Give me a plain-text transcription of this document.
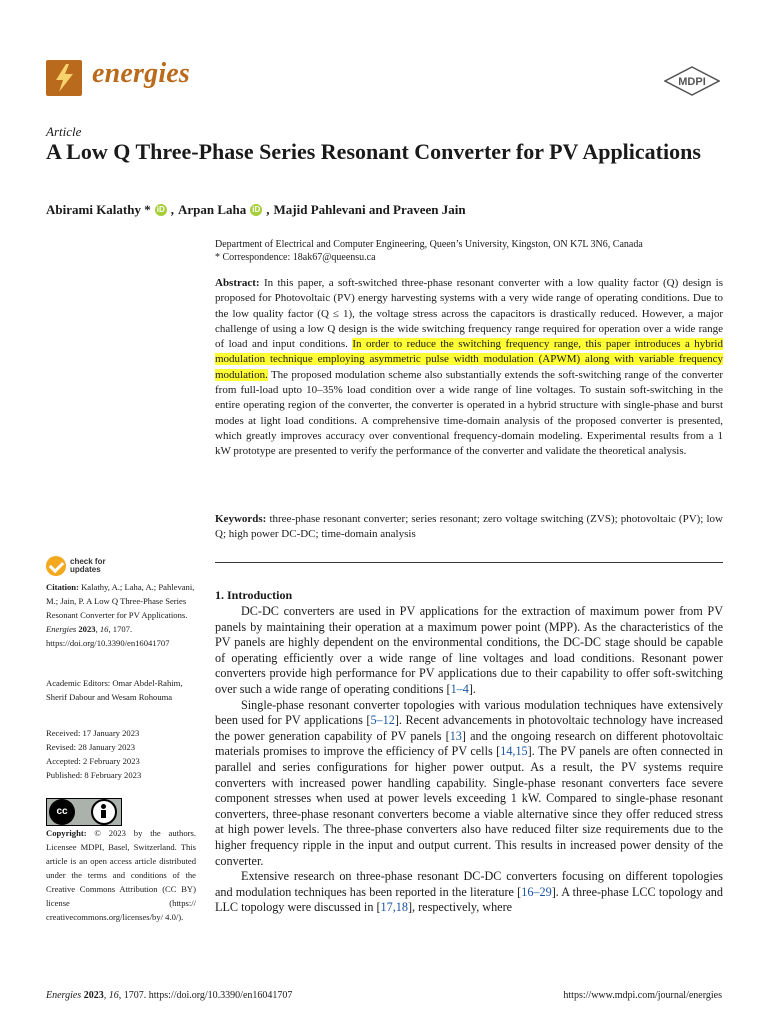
energies	MDPI
Article
A Low Q Three-Phase Series Resonant Converter for PV Applications
Abirami Kalathy * iD , Arpan Laha iD , Majid Pahlevani and Praveen Jain
Department of Electrical and Computer Engineering, Queen’s University, Kingston, ON K7L 3N6, Canada
* Correspondence: 18ak67@queensu.ca
Abstract: In this paper, a soft-switched three-phase resonant converter with a low quality factor (Q) design is proposed for Photovoltaic (PV) energy harvesting systems with a very wide range of operating conditions. Due to the low quality factor (Q ≤ 1), the voltage stress across the capacitors is drastically reduced. However, a major challenge of using a low Q design is the wide switching frequency range required for operation over a wide range of load and input conditions. In order to reduce the switching frequency range, this paper introduces a hybrid modulation technique employing asymmetric pulse width modulation (APWM) along with variable frequency modulation. The proposed modulation scheme also substantially extends the soft-switching range of the converter from full-load upto 10–35% load condition over a wide range of line voltages. To sustain soft-switching in the entire operating region of the converter, the converter is operated in a hybrid structure with single-phase and burst modes at light load conditions. A comprehensive time-domain analysis of the proposed converter is presented, which greatly improves accuracy over conventional frequency-domain modeling. Experimental results from a 1 kW prototype are presented to verify the performance of the converter and validate the theoretical analysis.
Keywords: three-phase resonant converter; series resonant; zero voltage switching (ZVS); photovoltaic (PV); low Q; high power DC-DC; time-domain analysis
1. Introduction

DC-DC converters are used in PV applications for the extraction of maximum power from PV panels by maintaining their operation at a maximum power point (MPP). As the characteristics of the PV panels are highly dependent on the environmental conditions, the DC-DC stage should be capable of operating efficiently over a wide range of line voltages and load conditions. Resonant power converters provide high performance for PV applications due to their capability to offer soft-switching over such a wide range of operating conditions [1–4].

Single-phase resonant converter topologies with various modulation techniques have extensively been used for PV applications [5–12]. Recent advancements in photovoltaic technology have increased the power generation capability of PV panels [13] and the ongoing research on different photovoltaic materials promises to improve the efficiency of PV cells [14,15]. The PV panels are often connected in parallel and series configurations for higher power output. As a result, the PV systems require converters with increased power handling capability. Single-phase resonant converters face severe component stresses when used at power levels exceeding 1 kW. Compared to single-phase resonant converters, three-phase resonant converters become a viable alternative since they offer reduced stress at high power levels. The three-phase converters also have reduced filter size requirements due to the higher frequency ripple in the input and output current. This results in increased power density of the converter.

Extensive research on three-phase resonant DC-DC converters focusing on different topologies and modulation techniques has been reported in the literature [16–29]. A three-phase LCC topology and LLC topology were discussed in [17,18], respectively, where

check for
updates
Citation: Kalathy, A.; Laha, A.; Pahlevani, M.; Jain, P. A Low Q Three-Phase Series Resonant Converter for PV Applications. Energies 2023, 16, 1707. https://doi.org/10.3390/en16041707
Academic Editors: Omar Abdel-Rahim, Sherif Dabour and Wesam Rohouma
Received: 17 January 2023
Revised: 28 January 2023
Accepted: 2 February 2023
Published: 8 February 2023
cc
Copyright: © 2023 by the authors. Licensee MDPI, Basel, Switzerland. This article is an open access article distributed under the terms and conditions of the Creative Commons Attribution (CC BY) license (https:// creativecommons.org/licenses/by/ 4.0/).
Energies 2023, 16, 1707. https://doi.org/10.3390/en16041707	https://www.mdpi.com/journal/energies
